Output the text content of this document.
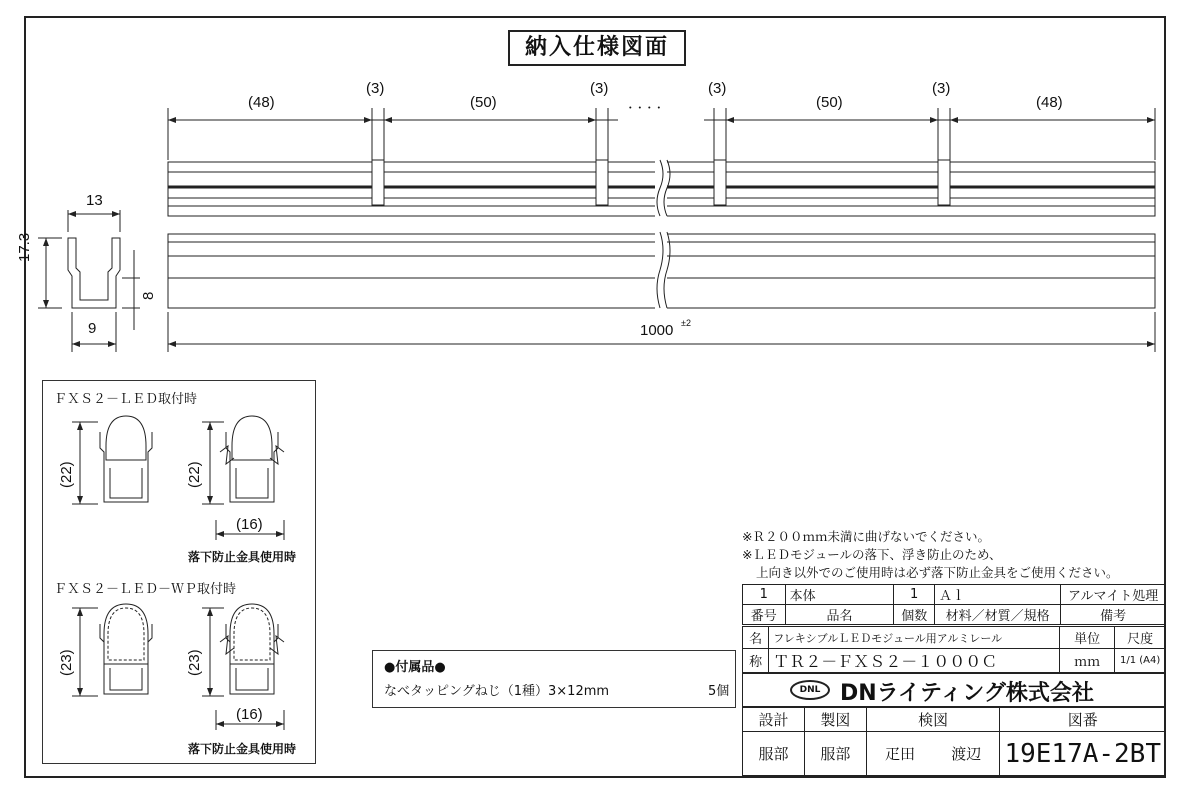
納入仕様図面
(48)
(3)
(50)
(3)
．．．．
(3)
(50)
(3)
(48)
1000 ±2
13
17.3
9
8
ＦＸＳ２－ＬＥＤ取付時
ＦＸＳ２－ＬＥＤ－ＷＰ取付時
(22)	(22)
(16)
落下防止金具使用時
(23)	(23)
(16)
落下防止金具使用時
●付属品●
なべタッピングねじ（1種）3×12mm	5個
※Ｒ２００ｍｍ未満に曲げないでください。
※ＬＥＤモジュールの落下、浮き防止のため、
上向き以外でのご使用時は必ず落下防止金具をご使用ください。
1	本体	1	Ａｌ	アルマイト処理
番号	品名	個数	材料／材質／規格	備考
名	フレキシブルＬＥＤモジュール用アルミレール	単位	尺度
称	ＴＲ２－ＦＸＳ２－１０００Ｃ	ｍｍ	1/1 (A4)
DNL DNライティング株式会社
設計	製図	検図		図番
服部	服部	疋田	渡辺	19E17A-2BT
